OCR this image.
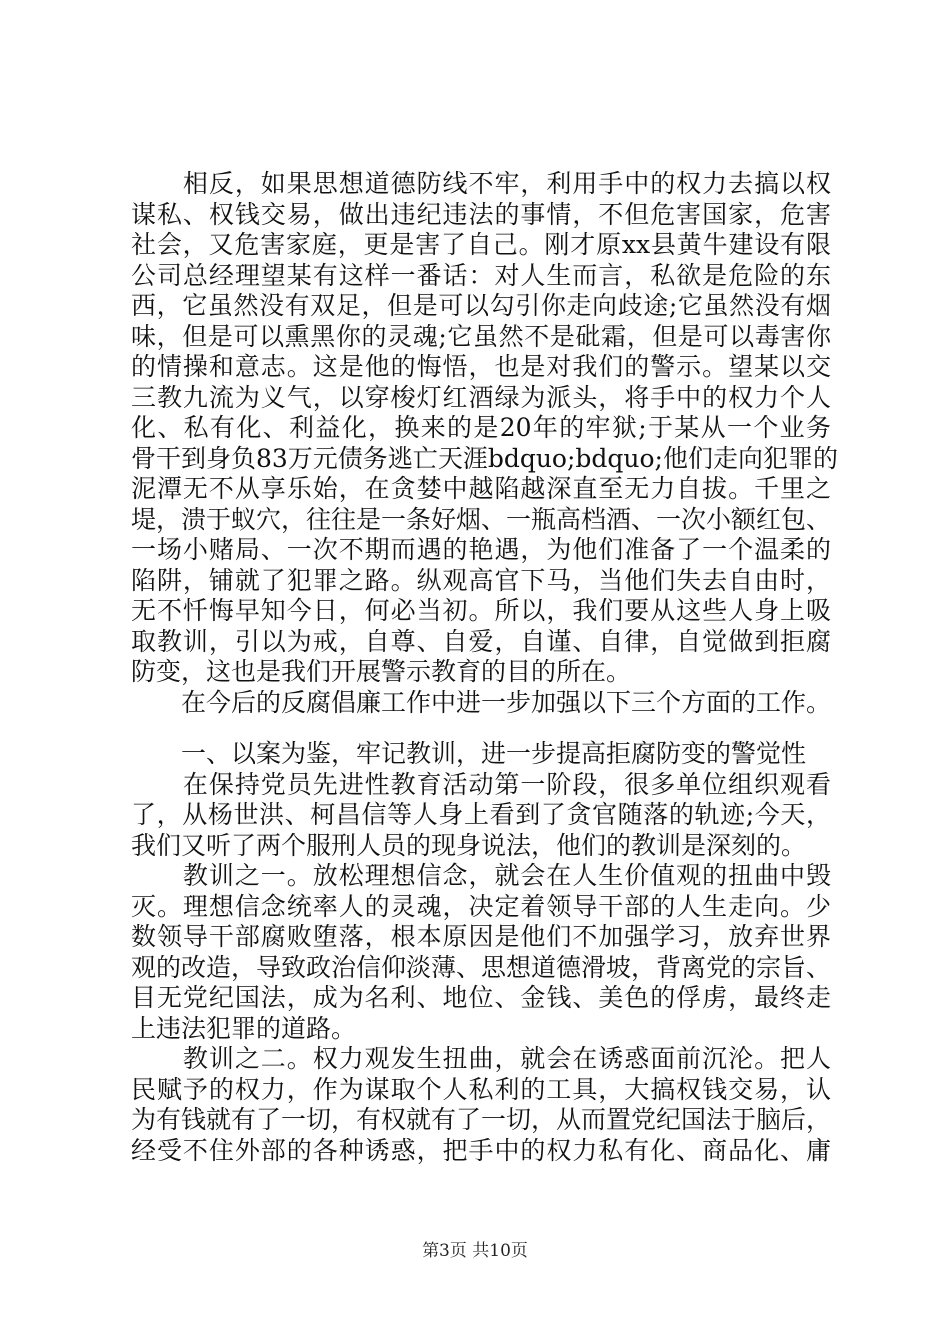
　　相反，如果思想道德防线不牢，利用手中的权力去搞以权
谋私、权钱交易，做出违纪违法的事情，不但危害国家，危害
社会，又危害家庭，更是害了自己。刚才原xx县黄牛建设有限
公司总经理望某有这样一番话：对人生而言，私欲是危险的东
西，它虽然没有双足，但是可以勾引你走向歧途;它虽然没有烟
味，但是可以熏黑你的灵魂;它虽然不是砒霜，但是可以毒害你
的情操和意志。这是他的悔悟，也是对我们的警示。望某以交
三教九流为义气，以穿梭灯红酒绿为派头，将手中的权力个人
化、私有化、利益化，换来的是20年的牢狱;于某从一个业务
骨干到身负83万元债务逃亡天涯bdquo;bdquo;他们走向犯罪的
泥潭无不从享乐始，在贪婪中越陷越深直至无力自拔。千里之
堤，溃于蚁穴，往往是一条好烟、一瓶高档酒、一次小额红包、
一场小赌局、一次不期而遇的艳遇，为他们准备了一个温柔的
陷阱，铺就了犯罪之路。纵观高官下马，当他们失去自由时，
无不忏悔早知今日，何必当初。所以，我们要从这些人身上吸
取教训，引以为戒，自尊、自爱，自谨、自律，自觉做到拒腐
防变，这也是我们开展警示教育的目的所在。
　　在今后的反腐倡廉工作中进一步加强以下三个方面的工作。
　　一、以案为鉴，牢记教训，进一步提高拒腐防变的警觉性
　　在保持党员先进性教育活动第一阶段，很多单位组织观看
了，从杨世洪、柯昌信等人身上看到了贪官随落的轨迹;今天，
我们又听了两个服刑人员的现身说法，他们的教训是深刻的。
　　教训之一。放松理想信念，就会在人生价值观的扭曲中毁
灭。理想信念统率人的灵魂，决定着领导干部的人生走向。少
数领导干部腐败堕落，根本原因是他们不加强学习，放弃世界
观的改造，导致政治信仰淡薄、思想道德滑坡，背离党的宗旨、
目无党纪国法，成为名利、地位、金钱、美色的俘虏，最终走
上违法犯罪的道路。
　　教训之二。权力观发生扭曲，就会在诱惑面前沉沦。把人
民赋予的权力，作为谋取个人私利的工具，大搞权钱交易，认
为有钱就有了一切，有权就有了一切，从而置党纪国法于脑后，
第3页 共10页
经受不住外部的各种诱惑，把手中的权力私有化、商品化、庸
